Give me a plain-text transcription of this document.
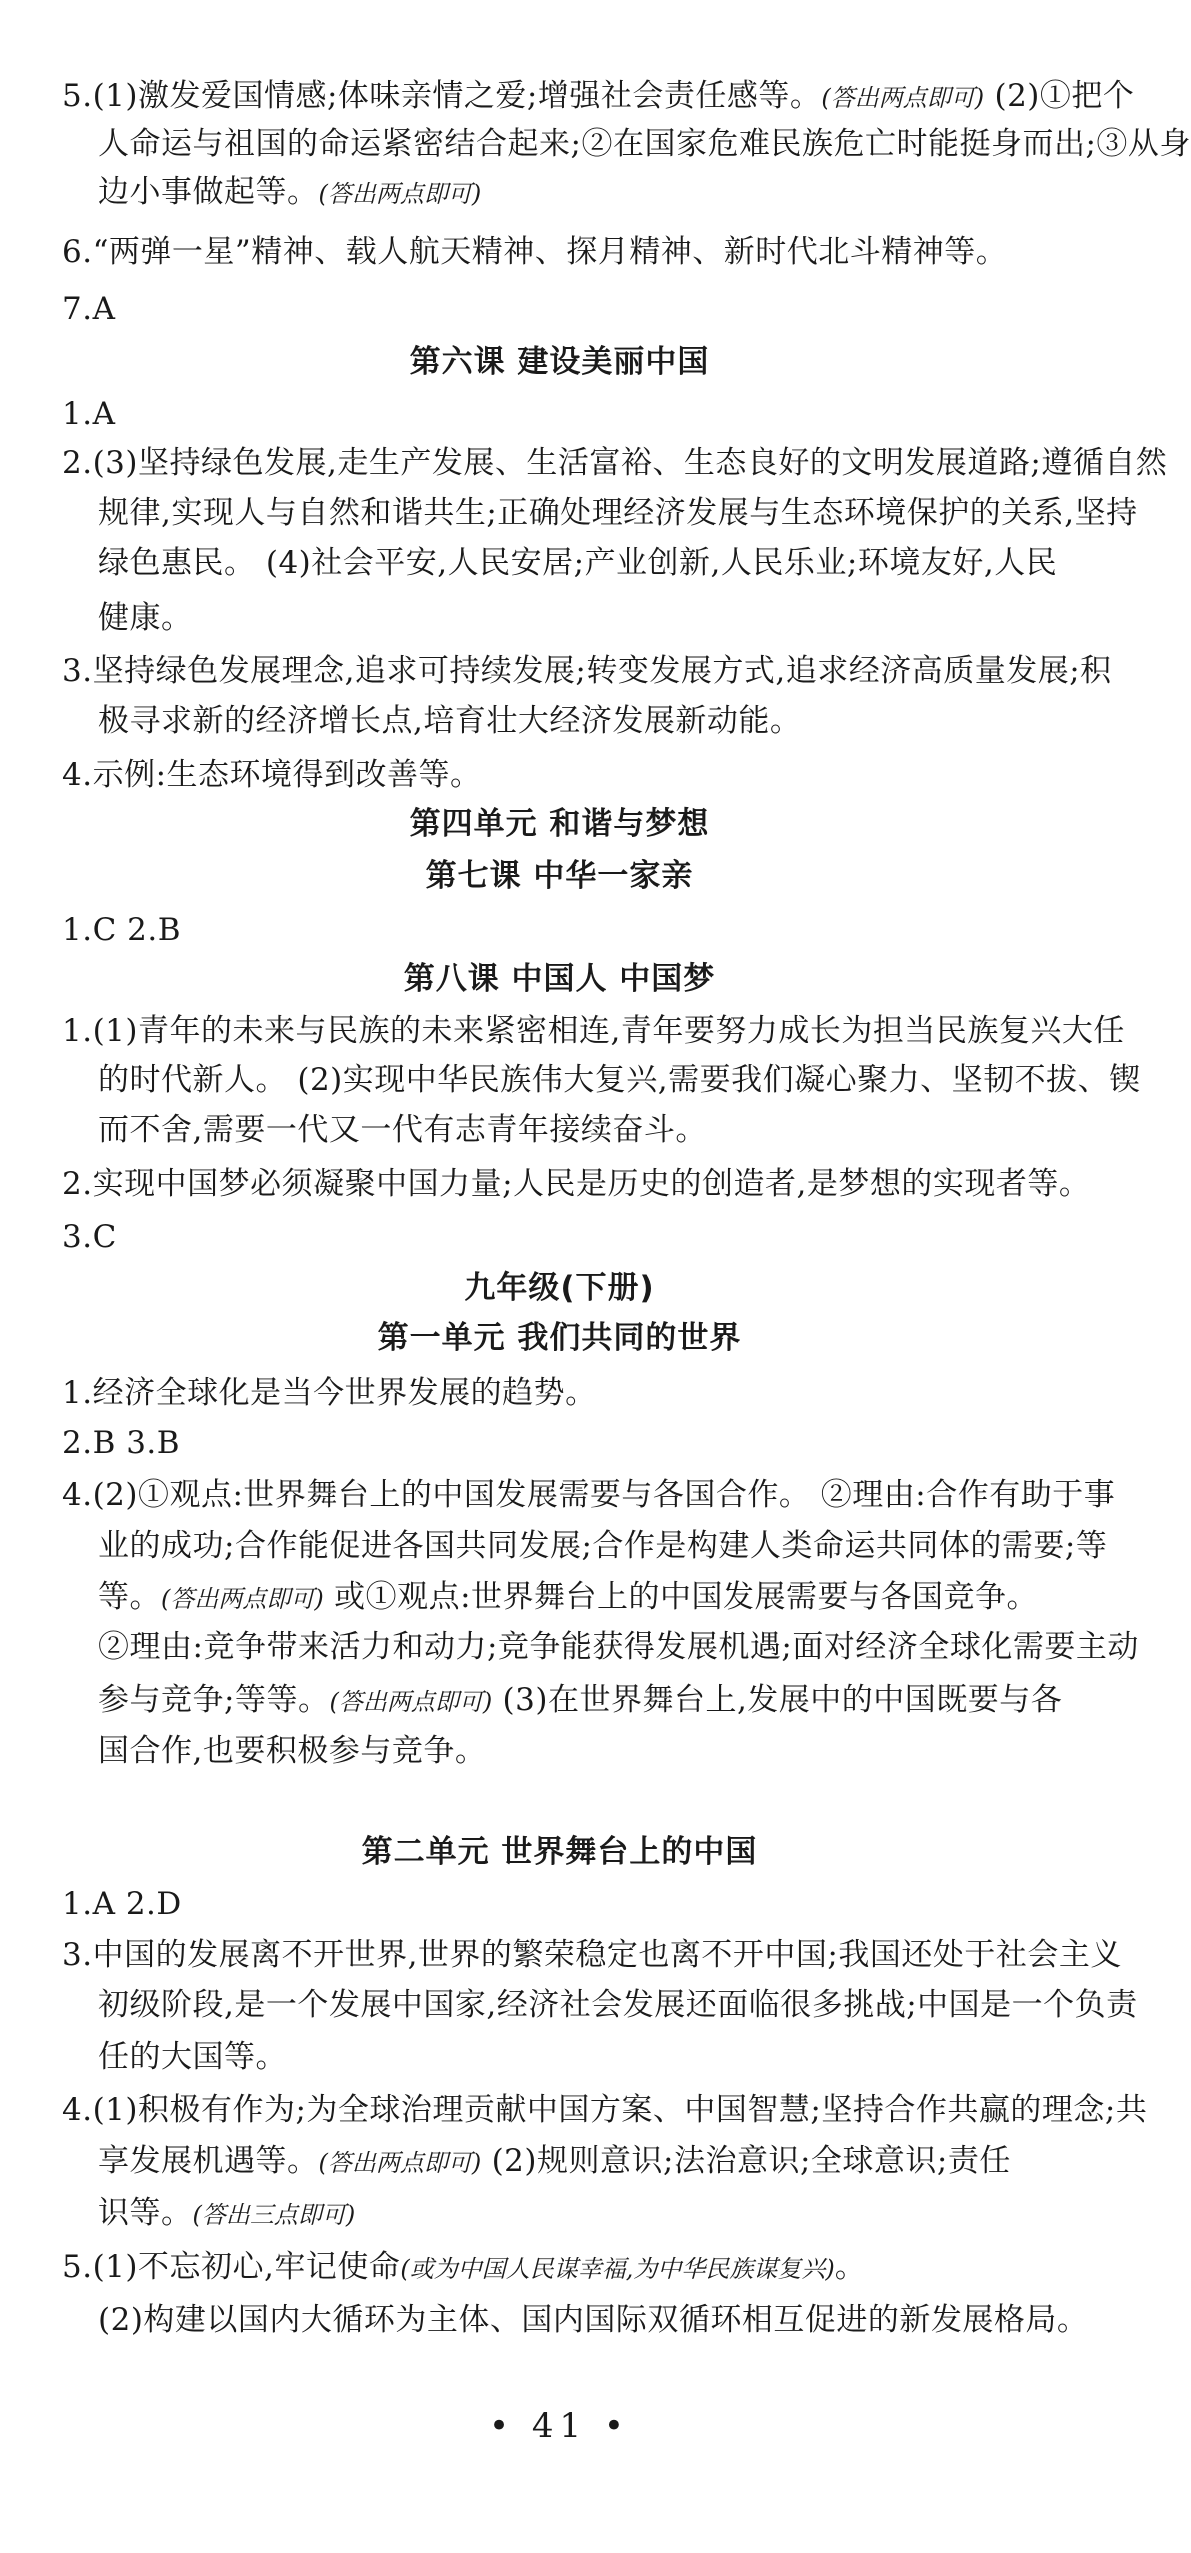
5.(1)激发爱国情感;体味亲情之爱;增强社会责任感等。(答出两点即可) (2)①把个
人命运与祖国的命运紧密结合起来;②在国家危难民族危亡时能挺身而出;③从身
边小事做起等。(答出两点即可)
6.“两弹一星”精神、载人航天精神、探月精神、新时代北斗精神等。
7.A
第六课 建设美丽中国
1.A
2.(3)坚持绿色发展,走生产发展、生活富裕、生态良好的文明发展道路;遵循自然
规律,实现人与自然和谐共生;正确处理经济发展与生态环境保护的关系,坚持
绿色惠民。 (4)社会平安,人民安居;产业创新,人民乐业;环境友好,人民
健康。
3.坚持绿色发展理念,追求可持续发展;转变发展方式,追求经济高质量发展;积
极寻求新的经济增长点,培育壮大经济发展新动能。
4.示例:生态环境得到改善等。
第四单元 和谐与梦想
第七课 中华一家亲
1.C 2.B
第八课 中国人 中国梦
1.(1)青年的未来与民族的未来紧密相连,青年要努力成长为担当民族复兴大任
的时代新人。 (2)实现中华民族伟大复兴,需要我们凝心聚力、坚韧不拔、锲
而不舍,需要一代又一代有志青年接续奋斗。
2.实现中国梦必须凝聚中国力量;人民是历史的创造者,是梦想的实现者等。
3.C
九年级(下册)
第一单元 我们共同的世界
1.经济全球化是当今世界发展的趋势。
2.B 3.B
4.(2)①观点:世界舞台上的中国发展需要与各国合作。 ②理由:合作有助于事
业的成功;合作能促进各国共同发展;合作是构建人类命运共同体的需要;等
等。(答出两点即可) 或①观点:世界舞台上的中国发展需要与各国竞争。
②理由:竞争带来活力和动力;竞争能获得发展机遇;面对经济全球化需要主动
参与竞争;等等。(答出两点即可) (3)在世界舞台上,发展中的中国既要与各
国合作,也要积极参与竞争。
第二单元 世界舞台上的中国
1.A 2.D
3.中国的发展离不开世界,世界的繁荣稳定也离不开中国;我国还处于社会主义
初级阶段,是一个发展中国家,经济社会发展还面临很多挑战;中国是一个负责
任的大国等。
4.(1)积极有作为;为全球治理贡献中国方案、中国智慧;坚持合作共赢的理念;共
享发展机遇等。(答出两点即可) (2)规则意识;法治意识;全球意识;责任
识等。(答出三点即可)
5.(1)不忘初心,牢记使命(或为中国人民谋幸福,为中华民族谋复兴)。
(2)构建以国内大循环为主体、国内国际双循环相互促进的新发展格局。
• 41 •
